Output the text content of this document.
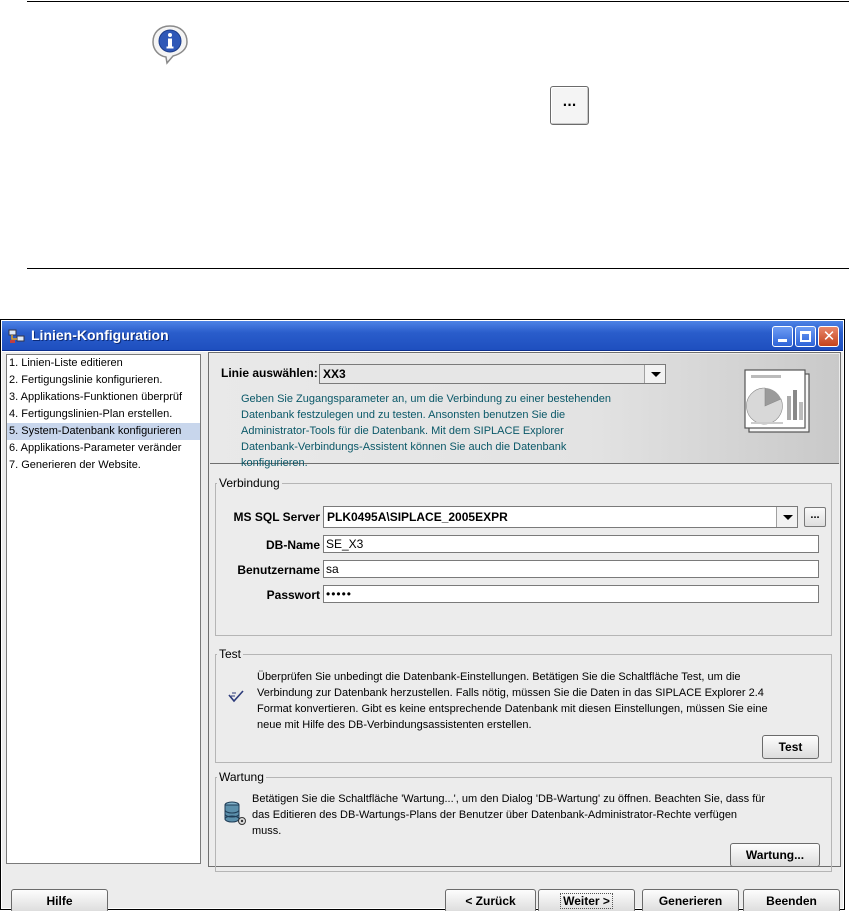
...
Linien-Konfiguration	✕
1. Linien-Liste editieren
2. Fertigungslinie konfigurieren.
3. Applikations-Funktionen überprüf
4. Fertigungslinien-Plan erstellen.
5. System-Datenbank konfigurieren
6. Applikations-Parameter veränder
7. Generieren der Website.
Linie auswählen: XX3
Geben Sie Zugangsparameter an, um die Verbindung zu einer bestehenden
Datenbank festzulegen und zu testen. Ansonsten benutzen Sie die
Administrator-Tools für die Datenbank. Mit dem SIPLACE Explorer
Datenbank-Verbindungs-Assistent können Sie auch die Datenbank
konfigurieren.
Verbindung
MS SQL Server PLK0495A\SIPLACE_2005EXPR	...
DB-Name SE_X3
Benutzername sa
Passwort •••••
Test
Überprüfen Sie unbedingt die Datenbank-Einstellungen. Betätigen Sie die Schaltfläche Test, um die
Verbindung zur Datenbank herzustellen. Falls nötig, müssen Sie die Daten in das SIPLACE Explorer 2.4
Format konvertieren. Gibt es keine entsprechende Datenbank mit diesen Einstellungen, müssen Sie eine
neue mit Hilfe des DB-Verbindungsassistenten erstellen.
Test
Wartung
Betätigen Sie die Schaltfläche 'Wartung...', um den Dialog 'DB-Wartung' zu öffnen. Beachten Sie, dass für
das Editieren des DB-Wartungs-Plans der Benutzer über Datenbank-Administrator-Rechte verfügen
muss.
Wartung...
Hilfe	< Zurück	Weiter >	Generieren	Beenden
